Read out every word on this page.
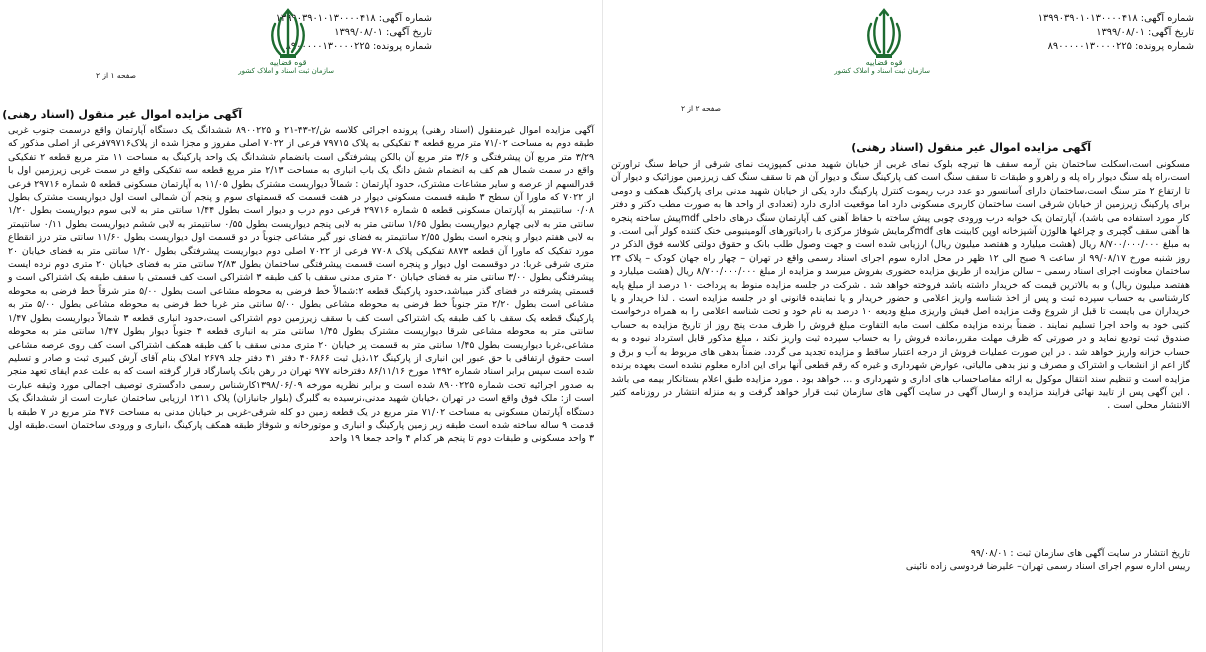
شماره آگهی: ۱۳۹۹۰۳۹۰۱۰۱۳۰۰۰۰۴۱۸
تاریخ آگهی: ۱۳۹۹/۰۸/۰۱
شماره پرونده: ۸۹۰۰۰۰۰۱۳۰۰۰۰۲۲۵
قوه قضاییه
سازمان ثبت اسناد و املاک کشور
صفحه ۱ از ۲
آگهی مزایده اموال غیر منقول (اسناد رهنی)

آگهی مزایده اموال غیرمنقول (اسناد رهنی) پرونده اجرائی کلاسه ش/۲-۴۳-۲۱ و ۸۹۰۰۲۲۵ ششدانگ یک دستگاه آپارتمان واقع درسمت جنوب غربی طبقه دوم به مساحت ۷۱/۰۲ متر مربع قطعه ۴ تفکیکی به پلاک ۷۹۷۱۵ فرعی از ۷۰۲۲ اصلی مفروز و مجزا شده از پلاک۷۹۷۱۶فرعی از اصلی مذکور که ۳/۲۹ متر مربع آن پیشرفتگی و ۳/۶ متر مربع آن بالکن پیشرفتگی است بانضمام ششدانگ یک واحد پارکینگ به مساحت ۱۱ متر مربع قطعه ۲ تفکیکی واقع در سمت شمال هم کف به انضمام شش دانگ یک باب انباری به مساحت ۲/۱۳ متر مربع قطعه سه تفکیکی واقع در سمت غربی زیرزمین اول با قدرالسهم از عرصه و سایر مشاعات مشترک، حدود آپارتمان : شمالاً دیواریست مشترک بطول ۱۱/۰۵ به آپارتمان مسکونی قطعه ۵ شماره ۲۹۷۱۶ فرعی از ۷۰۲۲ که ماورا آن سطح ۳ طبقه قسمت مسکونی دیوار در هفت قسمت که قسمتهای سوم و پنجم آن شمالی است اول دیواریست مشترک بطول ۰/۰۸ سانتیمتر به آپارتمان مسکونی قطعه ۵ شماره ۲۹۷۱۶ فرعی دوم درب و دیوار است بطول ۱/۴۴ سانتی متر به لابی سوم دیواریست بطول ۱/۲۰ سانتی متر به لابی چهارم دیواریست بطول ۱/۶۵ سانتی متر به لابی پنجم دیواریست بطول ۰/۵۵ سانتیمتر به لابی ششم دیواریست بطول ۰/۱۱ سانتیمتر به لابی هفتم دیوار و پنجره است بطول ۲/۵۵ سانتیمتر به فضای نور گیر مشاعی جنوباً در دو قسمت اول دیواریست بطول ۱۱/۶۰ سانتی متر درز انقطاع مورد تفکیک که ماورا آن قطعه ۸۸۷۳ تفکیکی پلاک ۷۷۰۸ فرعی از ۷۰۲۲ اصلی دوم دیواریست پیشرفتگی بطول ۱/۲۰ سانتی متر به فضای خیابان ۲۰ متری شرقی غربا: در دوقسمت اول دیوار و پنجره است قسمت پیشرفتگی ساختمان بطول ۲/۸۳ سانتی متر به فضای خیابان ۲۰ متری دوم نرده ایست پیشرفتگی بطول ۳/۰۰ سانتی متر به فضای خیابان ۲۰ متری مدنی سقف با کف طبقه ۳ اشتراکی است کف قسمتی با سقف طبقه یک اشتراکی است و قسمتی پشرفته در فضای گذر میباشد،حدود پارکینگ قطعه ۲:شمالاً خط فرضی به محوطه مشاعی است بطول ۵/۰۰ متر شرقاً خط فرضی به محوطه مشاعی است بطول ۲/۲۰ متر جنوباً خط فرضی به محوطه مشاعی بطول ۵/۰۰ سانتی متر غربا خط فرضی به محوطه مشاعی بطول ۵/۰۰ متر به پارکینگ قطعه یک سقف با کف طبقه یک اشتراکی است کف با سقف زیرزمین دوم اشتراکی است،حدود انباری قطعه ۳ شمالاً دیواریست بطول ۱/۴۷ سانتی متر به محوطه مشاعی شرقا دیواریست مشترک بطول ۱/۴۵ سانتی متر به انباری قطعه ۴ جنوباً دیوار بطول ۱/۴۷ سانتی متر به محوطه مشاعی،غربا دیواریست بطول ۱/۴۵ سانتی متر به قسمت پر خیابان ۲۰ متری مدنی سقف با کف طبقه همکف اشتراکی است کف روی عرصه مشاعی است حقوق ارتفاقی با حق عبور این انباری از پارکینگ ۱۲،ذیل ثبت ۴۰۶۸۶۶ دفتر ۴۱ دفتر جلد ۲۶۷۹ املاک بنام آقای آرش کبیری ثبت و صادر و تسلیم شده است سپس برابر اسناد شماره ۱۴۹۲ مورخ ۸۶/۱۱/۱۶ دفترخانه ۹۷۷ تهران در رهن بانک پاسارگاد قرار گرفته است که به علت عدم ایفای تعهد منجر به صدور اجرائیه تحت شماره ۸۹۰۰۲۲۵ شده است و برابر نظریه مورخه ۱۳۹۸/۰۶/۰۹کارشناس رسمی دادگستری توصیف اجمالی مورد وثیقه عبارت است از: ملک فوق واقع است در تهران ،خیابان شهید مدنی،نرسیده به گلبرگ (بلوار جانبازان) پلاک ۱۲۱۱ ارزیابی ساختمان عبارت است از ششدانگ یک دستگاه آپارتمان مسکونی به مساحت ۷۱/۰۲ متر مربع در یک قطعه زمین دو کله شرقی-غربی بر خیابان مدنی به مساحت ۴۷۶ متر مربع در ۷ طبقه با قدمت ۹ ساله ساخته شده است طبقه زیر زمین پارکینگ و انباری و موتورخانه و شوفاژ طبقه همکف پارکینگ ،انباری و ورودی ساختمان است.طبقه اول ۳ واحد مسکونی و طبقات دوم تا پنجم هر کدام ۴ واحد جمعا ۱۹ واحد

شماره آگهی: ۱۳۹۹۰۳۹۰۱۰۱۳۰۰۰۰۴۱۸
تاریخ آگهی: ۱۳۹۹/۰۸/۰۱
شماره پرونده: ۸۹۰۰۰۰۰۱۳۰۰۰۰۲۲۵
قوه قضاییه
سازمان ثبت اسناد و املاک کشور
صفحه ۲ از ۲
آگهی مزایده اموال غیر منقول (اسناد رهنی)

مسکونی است،اسکلت ساختمان بتن آرمه سقف ها تیرچه بلوک نمای غربی از خیابان شهید مدنی کمپوزیت نمای شرقی از حیاط سنگ تراورتن است،راه پله سنگ دیوار راه پله و راهرو و طبقات تا سقف سنگ است کف پارکینگ سنگ و دیوار آن هم تا سقف سنگ کف زیرزمین موزائیک و دیوار آن تا ارتفاع ۲ متر سنگ است،ساختمان دارای آسانسور دو عدد درب ریموت کنترل پارکینگ دارد یکی از خیابان شهید مدنی برای پارکینگ همکف و دومی برای پارکینگ زیرزمین از خیابان شرقی است ساختمان کاربری مسکونی دارد اما موقعیت اداری دارد (تعدادی از واحد ها به صورت مطب دکتر و دفتر کار مورد استفاده می باشد)، آپارتمان یک خوابه درب ورودی چوبی پیش ساخته با حفاظ آهنی کف آپارتمان سنگ درهای داخلی mdfپیش ساخته پنجره ها آهنی سقف گچبری و چراغها هالوژن آشپزخانه اوپن کابینت های mdfگرمایش شوفاژ مرکزی با رادیاتورهای آلومینیومی خنک کننده کولر آبی است. و به مبلغ ۸/۷۰۰/۰۰۰/۰۰۰ ریال (هشت میلیارد و هفتصد میلیون ریال) ارزیابی شده است و جهت وصول طلب بانک و حقوق دولتی کلاسه فوق الذکر در روز شنبه مورخ ۹۹/۰۸/۱۷ از ساعت ۹ صبح الی ۱۲ ظهر در محل اداره سوم اجرای اسناد رسمی واقع در تهران – چهار راه جهان کودک – پلاک ۲۴ ساختمان معاونت اجرای اسناد رسمی – سالن مزایده از طریق مزایده حضوری بفروش میرسد و مزایده از مبلغ ۸/۷۰۰/۰۰۰/۰۰۰ ریال (هشت میلیارد و هفتصد میلیون ریال) و به بالاترین قیمت که خریدار داشته باشد فروخته خواهد شد . شرکت در جلسه مزایده منوط به پرداخت ۱۰ درصد از مبلغ پایه کارشناسی به حساب سپرده ثبت و پس از اخذ شناسه واریز اعلامی و حضور خریدار و یا نماینده قانونی او در جلسه مزایده است . لذا خریدار و یا خریداران می بایست تا قبل از شروع وقت مزایده اصل فیش واریزی مبلغ ودیعه ۱۰ درصد به نام خود و تحت شناسه اعلامی را به همراه درخواست کتبی خود به واحد اجرا تسلیم نمایند . ضمناً برنده مزایده مکلف است مابه التفاوت مبلغ فروش را ظرف مدت پنج روز از تاریخ مزایده به حساب صندوق ثبت تودیع نماید و در صورتی که ظرف مهلت مقرر،مانده فروش را به حساب سپرده ثبت واریز نکند ، مبلغ مذکور قابل استرداد نبوده و به حساب خزانه واریز خواهد شد . در این صورت عملیات فروش از درجه اعتبار ساقط و مزایده تجدید می گردد. ضمناً بدهی های مربوط به آب و برق و گاز اعم از انشعاب و اشتراک و مصرف و نیز بدهی مالیاتی، عوارض شهرداری و غیره که رقم قطعی آنها برای این اداره معلوم نشده است بعهده برنده مزایده است و تنظیم سند انتقال موکول به ارائه مفاصاحساب های اداری و شهرداری و … خواهد بود . مورد مزایده طبق اعلام بستانکار بیمه می باشد . این آگهی پس از تایید نهائی فرایند مزایده و ارسال آگهی در سایت آگهی های سازمان ثبت قرار خواهد گرفت و به منزله انتشار در روزنامه کثیر الانتشار محلی است .

تاریخ انتشار در سایت آگهی های سازمان ثبت : ۹۹/۰۸/۰۱
رییس اداره سوم اجرای اسناد رسمی تهران– علیرضا فردوسی زاده نائینی
